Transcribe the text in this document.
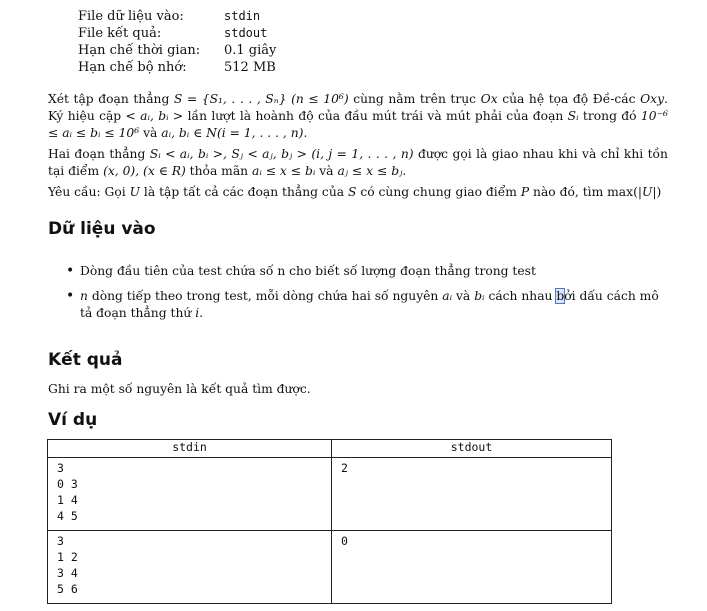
File dữ liệu vào:	stdin
File kết quả:	stdout
Hạn chế thời gian:	0.1 giây
Hạn chế bộ nhớ:	512 MB

Xét tập đoạn thẳng S = {S₁, . . . , Sₙ} (n ≤ 10⁶) cùng nằm trên trục Ox của hệ tọa độ Đề-các Oxy. Ký hiệu cặp < aᵢ, bᵢ > lần lượt là hoành độ của đầu mút trái và mút phải của đoạn Sᵢ trong đó 10⁻⁶ ≤ aᵢ ≤ bᵢ ≤ 10⁶ và aᵢ, bᵢ ∈ N(i = 1, . . . , n).

Hai đoạn thẳng Sᵢ < aᵢ, bᵢ >, Sⱼ < aⱼ, bⱼ > (i, j = 1, . . . , n) được gọi là giao nhau khi và chỉ khi tồn tại điểm (x, 0), (x ∈ R) thỏa mãn aᵢ ≤ x ≤ bᵢ và aⱼ ≤ x ≤ bⱼ.

Yêu cầu: Gọi U là tập tất cả các đoạn thẳng của S có cùng chung giao điểm P nào đó, tìm max(|U|)

Dữ liệu vào
• Dòng đầu tiên của test chứa số n cho biết số lượng đoạn thẳng trong test
• n dòng tiếp theo trong test, mỗi dòng chứa hai số nguyên aᵢ và bᵢ cách nhau bởi dấu cách mô tả đoạn thẳng thứ i.
Kết quả
Ghi ra một số nguyên là kết quả tìm được.
Ví dụ
stdin	stdout

3
0 3
1 4
4 5	2

3
1 2
3 4
5 6	0
